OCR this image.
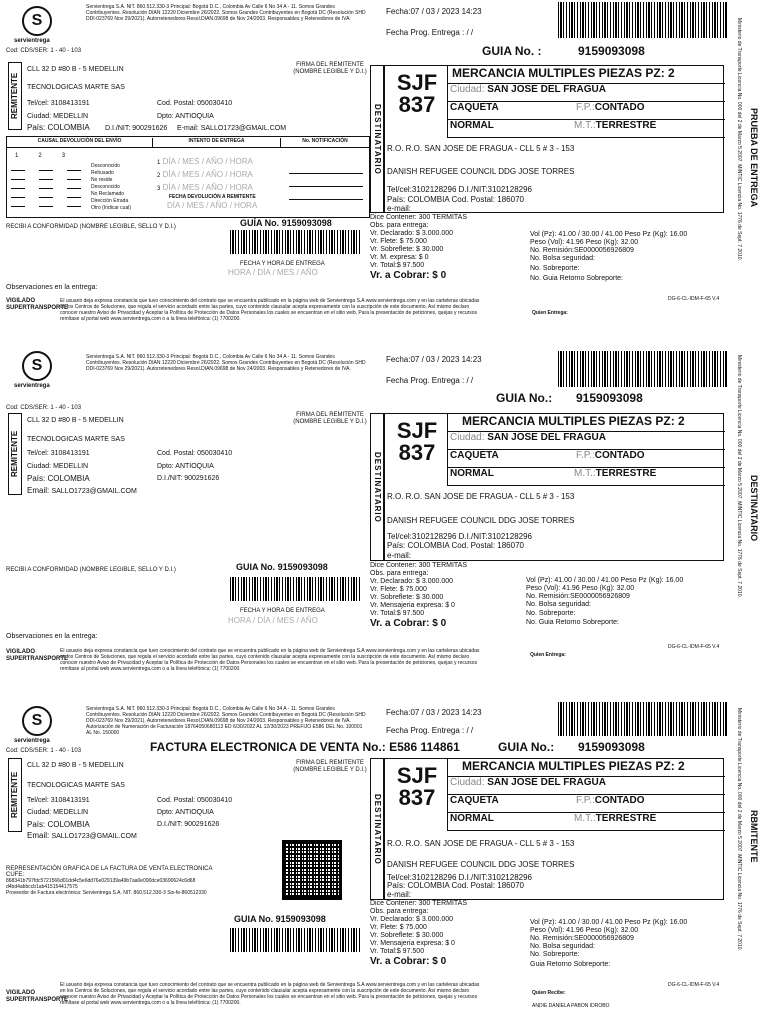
S
servientrega
Servientrega S.A. NIT. 860.512.330-3 Principal: Bogotá D.C., Colombia Av Calle 6 No 34 A - 11. Somos Grandes Contribuyentes. Resolución DIAN 12220 Diciembre 26/2022. Somos Grandes Contribuyentes en Bogotá DC (Resolución SHD DDI-023769 Nov 29/2021). Autorretenedores Resol.DIAN.09698 de Nov 24/2003. Responsables y Retenedores de IVA.
Fecha:07 / 03 / 2023 14:23
Fecha Prog. Entrega : / /
GUIA No. :	9159093098
Cod: CDS/SER: 1 - 40 - 103
REMITENTE
CLL 32 D #80 B - 5 MEDELLIN
TECNOLOGICAS MARTE SAS
Tel/cel: 3108413191	Cod. Postal: 050030410
Ciudad: MEDELLIN	Dpto: ANTIOQUIA
País: COLOMBIA D.I./NIT: 900291626 E-mail: SALLO1723@GMAIL.COM
FIRMA DEL REMITENTE (NOMBRE LEGIBLE Y D.I.)
CAUSAL DEVOLUCIÓN DEL ENVÍO	INTENTO DE ENTREGA	No. NOTIFICACIÓN
1	2	3
Desconocido
Rehusado
No reside
Desconocido
No Reclamado
Dirección Errada
Otro (Indicar cual)
1 DÍA / MES / AÑO / HORA
2 DÍA / MES / AÑO / HORA
3 DÍA / MES / AÑO / HORA
FECHA DEVOLUCIÓN A REMITENTE
DÍA / MES / AÑO / HORA
RECIBI A CONFORMIDAD (NOMBRE LEGIBLE, SELLO Y D.I.)	GUÍA No. 9159093098
FECHA Y HORA DE ENTREGA
HORA / DÍA / MES / AÑO
Observaciones en la entrega:
DESTINATARIO
SJF
837
MERCANCIA MULTIPLES PIEZAS PZ: 2
Ciudad: SAN JOSE DEL FRAGUA
CAQUETA	F.P.: CONTADO
NORMAL	M.T.: TERRESTRE
R.O. R.O. SAN JOSE DE FRAGUA - CLL 5 # 3 - 153
DANISH REFUGEE COUNCIL DDG JOSE TORRES
Tel/cel:3102128296 D.I./NIT:3102128296
País: COLOMBIA Cod. Postal: 186070
e-mail:
Dice Contener: 300 TERMITAS
Obs. para entrega:
Vr. Declarado: $ 3.000.000
Vr. Flete: $ 75.000
Vr. Sobreflete: $ 30.000
Vr. M. expresa: $ 0
Vr. Total:$ 97.500
Vr. a Cobrar: $ 0
Vol (Pz): 41.00 / 30.00 / 41.00 Peso Pz (Kg): 16.00
Peso (Vol): 41.96 Peso (Kg): 32.00
No. Remisión:SE0000056926809
No. Bolsa seguridad:
No. Sobreporte:
No. Guia Retorno Sobreporte:
VIGILADO SUPERTRANSPORTE
El usuario deja expresa constancia que tuvo conocimiento del contrato que se encuentra publicado en la página web de Servientrega S.A www.servientrega.com y en las carteleras ubicadas en los Centros de Soluciones, que regula el servicio acordado entre las partes, cuyo contenido clausular acepta expresamente con la suscripción de este documento. Así mismo declaro conocer nuestro Aviso de Privacidad y Aceptar la Política de Protección de Datos Personales los cuales se encuentran en el sitio web. Para la presentación de peticiones, quejas y recursos remítase al portal web www.servientrega.com o a la línea telefónica: (1) 7700200.
DG-6-CL-IDM-F-65 V.4
Quien Entrega:
Ministerio de Transporte Licencia No. 000 del 2 de Marzo 5 2007. MINTIC Licencia No. 1776 de Sept. 7 2010. PRUEBA DE ENTREGA
S
servientrega
Servientrega S.A. NIT. 860.512.330-3 Principal: Bogotá D.C., Colombia Av Calle 6 No 34 A - 11. Somos Grandes Contribuyentes. Resolución DIAN 12220 Diciembre 26/2022. Somos Grandes Contribuyentes en Bogotá DC (Resolución SHD DDI-023769 Nov 29/2021). Autorretenedores Resol.DIAN.09698 de Nov 24/2003. Responsables y Retenedores de IVA.
Fecha:07 / 03 / 2023 14:23
Fecha Prog. Entrega : / /
GUIA No.: 9159093098
Cod: CDS/SER: 1 - 40 - 103
REMITENTE
CLL 32 D #80 B - 5 MEDELLIN
TECNOLOGICAS MARTE SAS
Tel/cel: 3108413191	Cod. Postal: 050030410
Ciudad: MEDELLIN	Dpto: ANTIOQUIA
País: COLOMBIA	D.I./NIT: 900291626
Email: SALLO1723@GMAIL.COM
FIRMA DEL REMITENTE (NOMBRE LEGIBLE Y D.I.)
RECIBI A CONFORMIDAD (NOMBRE LEGIBLE, SELLO Y D.I.)	GUIA No. 9159093098
FECHA Y HORA DE ENTREGA
HORA / DÍA / MES / AÑO
Observaciones en la entrega:
DESTINATARIO
SJF
837
MERCANCIA MULTIPLES PIEZAS PZ: 2
Ciudad: SAN JOSE DEL FRAGUA
CAQUETA	F.P.: CONTADO
NORMAL	M.T.: TERRESTRE
R.O. R.O. SAN JOSE DE FRAGUA - CLL 5 # 3 - 153
DANISH REFUGEE COUNCIL DDG JOSE TORRES
Tel/cel:3102128296 D.I./NIT:3102128296
País: COLOMBIA Cod. Postal: 186070
e-mail:
Dice Contener: 300 TERMITAS
Obs. para entrega:
Vr. Declarado: $ 3.000.000
Vr. Flete: $ 75.000
Vr. Sobreflete: $ 30.000
Vr. Mensajeria expresa: $ 0
Vr. Total:$ 97.500
Vr. a Cobrar: $ 0
Vol (Pz): 41.00 / 30.00 / 41.00 Peso Pz (Kg): 16.00
Peso (Vol): 41.96 Peso (Kg): 32.00
No. Remisión:SE0000056926809
No. Bolsa seguridad:
No. Sobreporte:
No. Guia Retorno Sobreporte:
VIGILADO SUPERTRANSPORTE
El usuario deja expresa constancia que tuvo conocimiento del contrato que se encuentra publicado en la página web de Servientrega S.A www.servientrega.com y en las carteleras ubicadas en los Centros de Soluciones, que regula el servicio acordado entre las partes, cuyo contenido clausular acepta expresamente con la suscripción de este documento. Así mismo declaro conocer nuestro Aviso de Privacidad y Aceptar la Política de Protección de Datos Personales los cuales se encuentran en el sitio web. Para la presentación de peticiones, quejas y recursos remítase al portal web www.servientrega.com o a la línea telefónica: (1) 7700200.
DG-6-CL-IDM-F-65 V.4
Quien Entrega:
Ministerio de Transporte Licencia No. 000 del 2 de Marzo 5 2007. MINTIC Licencia No. 1776 de Sept. 7 2010. DESTINATARIO
S
servientrega
Servientrega S.A. NIT. 860.512.330-3 Principal: Bogotá D.C., Colombia Av Calle 6 No 34 A - 11. Somos Grandes Contribuyentes. Resolución DIAN 12220 Diciembre 26/2022. Somos Grandes Contribuyentes en Bogotá DC (Resolución SHD DDI-023769 Nov 29/2021). Autorretenedores Resol.DIAN.09698 de Nov 24/2003. Responsables y Retenedores de IVA. Autorización de Numeración de Facturación 18764050680113 ED 6/30/2022 AL 12/30/2023 PREFIJO E586 DEL No. 100001 AL No. 150000
Fecha:07 / 03 / 2023 14:23
Fecha Prog. Entrega : / /
FACTURA ELECTRONICA DE VENTA No.: E586 114861	GUIA No.: 9159093098
Cod: CDS/SER: 1 - 40 - 103
REMITENTE
CLL 32 D #80 B - 5 MEDELLIN
TECNOLOGICAS MARTE SAS
Tel/cel: 3108413191	Cod. Postal: 050030410
Ciudad: MEDELLIN	Dpto: ANTIOQUIA
País: COLOMBIA	D.I./NIT: 900291626
Email: SALLO1723@GMAIL.COM
FIRMA DEL REMITENTE (NOMBRE LEGIBLE Y D.I.)
REPRESENTACIÓN GRAFICA DE LA FACTURA DE VENTA ELECTRONICA
CUFE:
868341b797fdc5721566d01dd4c5e6dd76e029139a49b7aa0e090dce03690624c6d68 d4bd4abbccb1ab415154417575
Proveedor de Factura electrónica: Servientrega S.A. NIT. 860.512.330-3 Sis-fe-860512330
GUIA No. 9159093098
DESTINATARIO
SJF
837
MERCANCIA MULTIPLES PIEZAS PZ: 2
Ciudad: SAN JOSE DEL FRAGUA
CAQUETA	F.P.: CONTADO
NORMAL	M.T.: TERRESTRE
R.O. R.O. SAN JOSE DE FRAGUA - CLL 5 # 3 - 153
DANISH REFUGEE COUNCIL DDG JOSE TORRES
Tel/cel:3102128296 D.I./NIT:3102128296
País: COLOMBIA Cod. Postal: 186070
e-mail:
Dice Contener: 300 TERMITAS
Obs. para entrega:
Vr. Declarado: $ 3.000.000
Vr. Flete: $ 75.000
Vr. Sobreflete: $ 30.000
Vr. Mensajeria expresa: $ 0
Vr. Total:$ 97.500
Vr. a Cobrar: $ 0
Vol (Pz): 41.00 / 30.00 / 41.00 Peso Pz (Kg): 16.00
Peso (Vol): 41.96 Peso (Kg): 32.00
No. Remisión:SE0000056926809
No. Bolsa seguridad:
No. Sobreporte:
Guia Retorno Sobreporte:
VIGILADO SUPERTRANSPORTE
El usuario deja expresa constancia que tuvo conocimiento del contrato que se encuentra publicado en la página web de Servientrega S.A www.servientrega.com y en las carteleras ubicadas en los Centros de Soluciones, que regula el servicio acordado entre las partes, cuyo contenido clausular acepta expresamente con la suscripción de este documento. Así mismo declaro conocer nuestro Aviso de Privacidad y Aceptar la Política de Protección de Datos Personales los cuales se encuentran en el sitio web. Para la presentación de peticiones, quejas y recursos remítase al portal web www.servientrega.com o a la línea telefónica: (1) 7700200.
DG-6-CL-IDM-F-65 V.4
Quien Recibe:
ANDIE DANIELA PABON IDROBO
Ministerio de Transporte Licencia No. 000 del 2 de Marzo 5 2007. MINTIC Licencia No. 1776 de Sept. 7 2010. RBMITENTE
